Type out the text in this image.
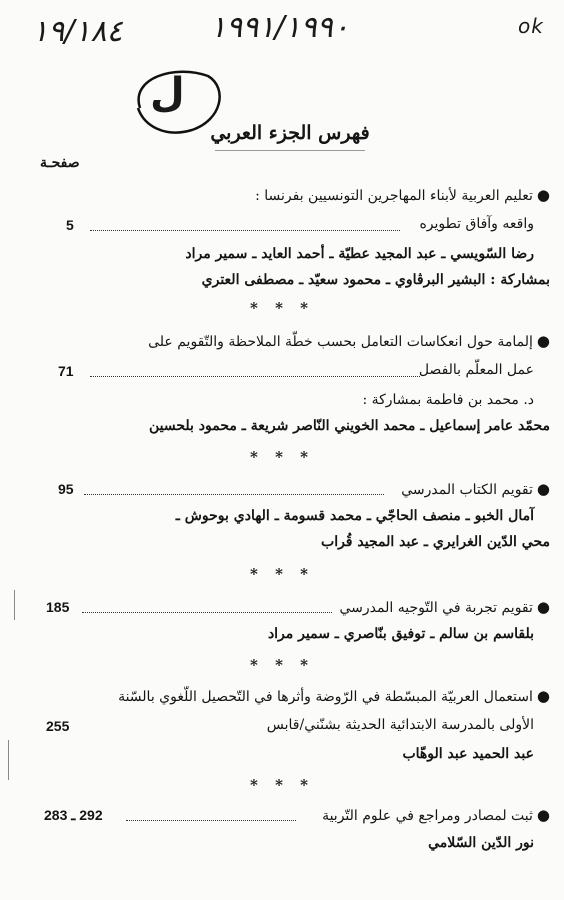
١٩/١٨٤	١٩٩١/١٩٩٠	ok
ل
فهرس الجزء العربي
صفحـة
●تعليم العربية لأبناء المهاجرين التونسيين بفرنسا :
واقعه وآفاق تطويره
5
رضا السّويسي ـ عبد المجيد عطيّة ـ أحمد العايد ـ سمير مراد
بمشاركة : البشير البرڤاوي ـ محمود سعيّد ـ مصطفى العتري
* * *
●إلمامة حول انعكاسات التعامل بحسب خطّة الملاحظة والتّقويم على
عمل المعلّم بالفصل
71
د. محمد بن فاطمة بمشاركة :
محمّد عامر إسماعيل ـ محمد الخويني النّاصر شريعة ـ محمود بلحسين
* * *
●تقويم الكتاب المدرسي
95
آمال الخبو ـ منصف الحاجّي ـ محمد قسومة ـ الهادي بوحوش ـ
محي الدّين الغرايري ـ عبد المجيد قُراب
* * *
●تقويم تجربة في التّوجيه المدرسي
185
بلقاسم بن سالم ـ توفيق بنّاصري ـ سمير مراد
* * *
●استعمال العربيّة المبسّطة في الرّوضة وأثرها في التّحصيل اللّغوي بالسّنة
الأولى بالمدرسة الابتدائية الحديثة بشنّني/قابس
255
عبد الحميد عبد الوهّاب
* * *
●ثبت لمصادر ومراجع في علوم التّربية
292 ـ 283
نور الدّين السّلامي
